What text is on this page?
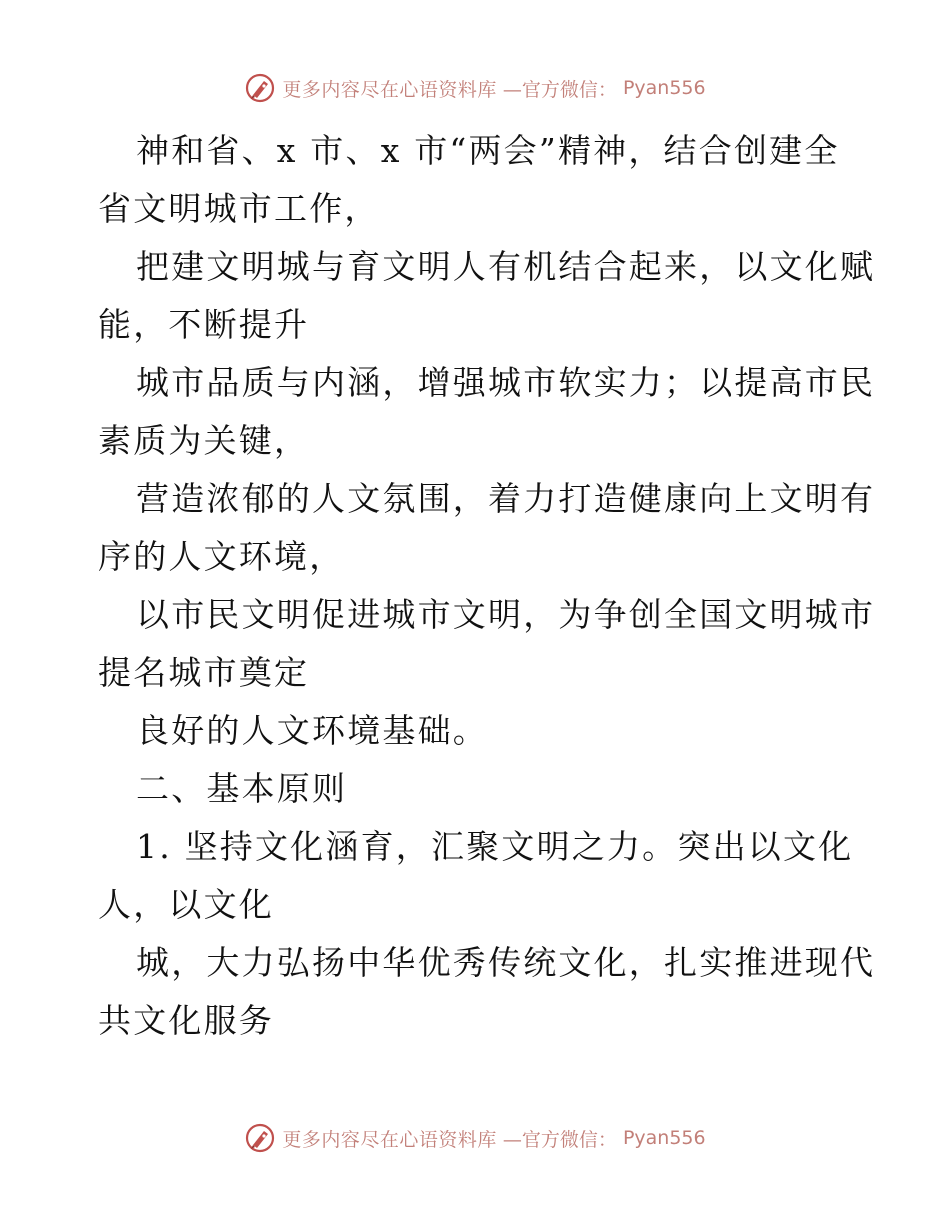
更多内容尽在心语资料库 —官方微信： Pyan556
神和省、x 市、x 市“两会”精神，结合创建全
省文明城市工作，
把建文明城与育文明人有机结合起来，以文化赋
能，不断提升
城市品质与内涵，增强城市软实力；以提高市民
素质为关键，
营造浓郁的人文氛围，着力打造健康向上文明有
序的人文环境，
以市民文明促进城市文明，为争创全国文明城市
提名城市奠定
良好的人文环境基础。
二、基本原则
1. 坚持文化涵育，汇聚文明之力。突出以文化
人，以文化
城，大力弘扬中华优秀传统文化，扎实推进现代
共文化服务
更多内容尽在心语资料库 —官方微信： Pyan556
